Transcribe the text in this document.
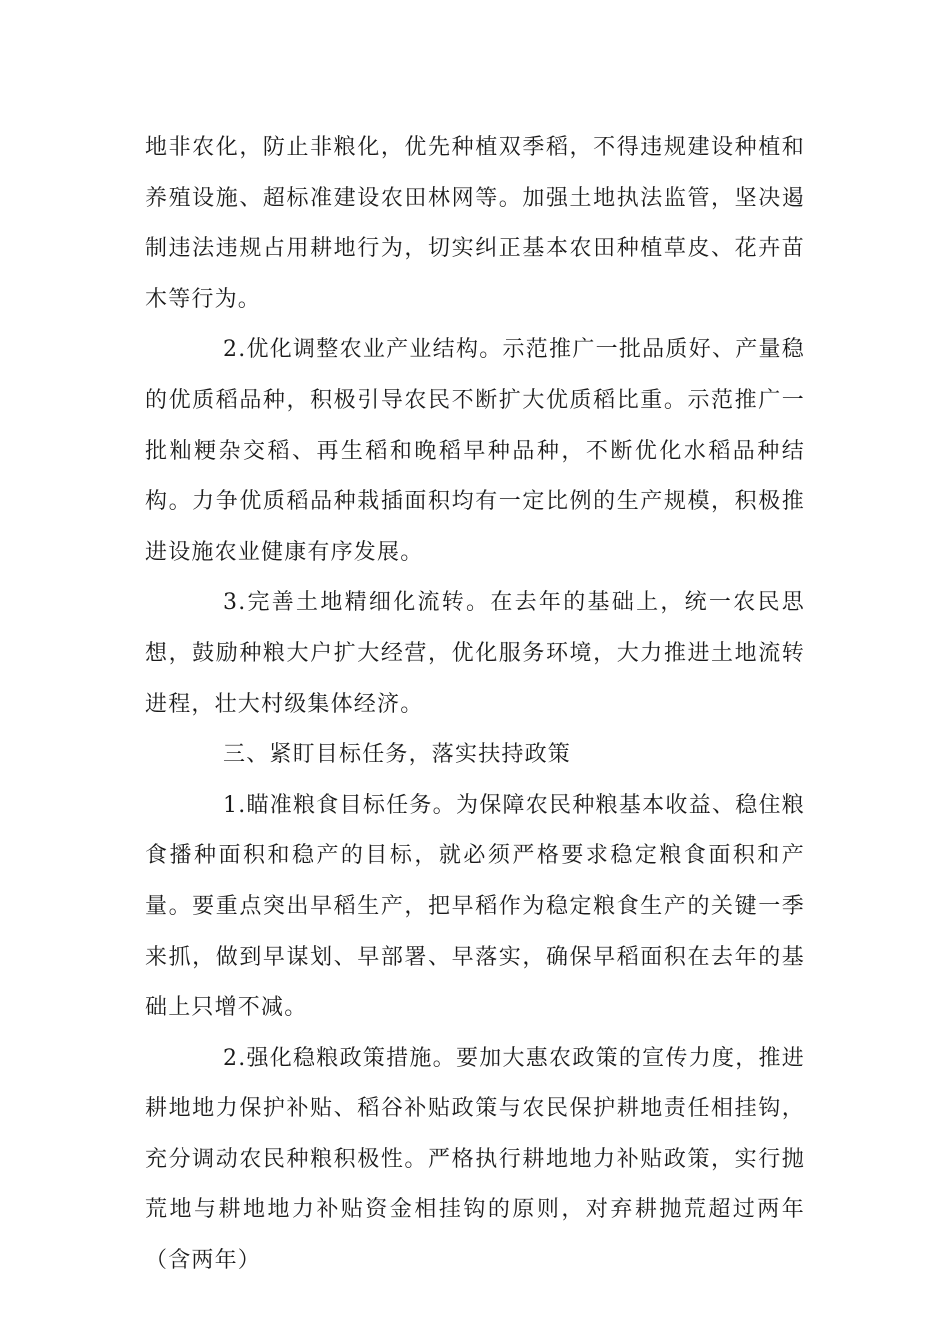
地非农化，防止非粮化，优先种植双季稻，不得违规建设种植和养殖设施、超标准建设农田林网等。加强土地执法监管，坚决遏制违法违规占用耕地行为，切实纠正基本农田种植草皮、花卉苗木等行为。

2.优化调整农业产业结构。示范推广一批品质好、产量稳的优质稻品种，积极引导农民不断扩大优质稻比重。示范推广一批籼粳杂交稻、再生稻和晚稻早种品种，不断优化水稻品种结构。力争优质稻品种栽插面积均有一定比例的生产规模，积极推进设施农业健康有序发展。

3.完善土地精细化流转。在去年的基础上，统一农民思想，鼓励种粮大户扩大经营，优化服务环境，大力推进土地流转进程，壮大村级集体经济。

三、紧盯目标任务，落实扶持政策

1.瞄准粮食目标任务。为保障农民种粮基本收益、稳住粮食播种面积和稳产的目标，就必须严格要求稳定粮食面积和产量。要重点突出早稻生产，把早稻作为稳定粮食生产的关键一季来抓，做到早谋划、早部署、早落实，确保早稻面积在去年的基础上只增不减。

2.强化稳粮政策措施。要加大惠农政策的宣传力度，推进耕地地力保护补贴、稻谷补贴政策与农民保护耕地责任相挂钩，充分调动农民种粮积极性。严格执行耕地地力补贴政策，实行抛荒地与耕地地力补贴资金相挂钩的原则，对弃耕抛荒超过两年（含两年）
